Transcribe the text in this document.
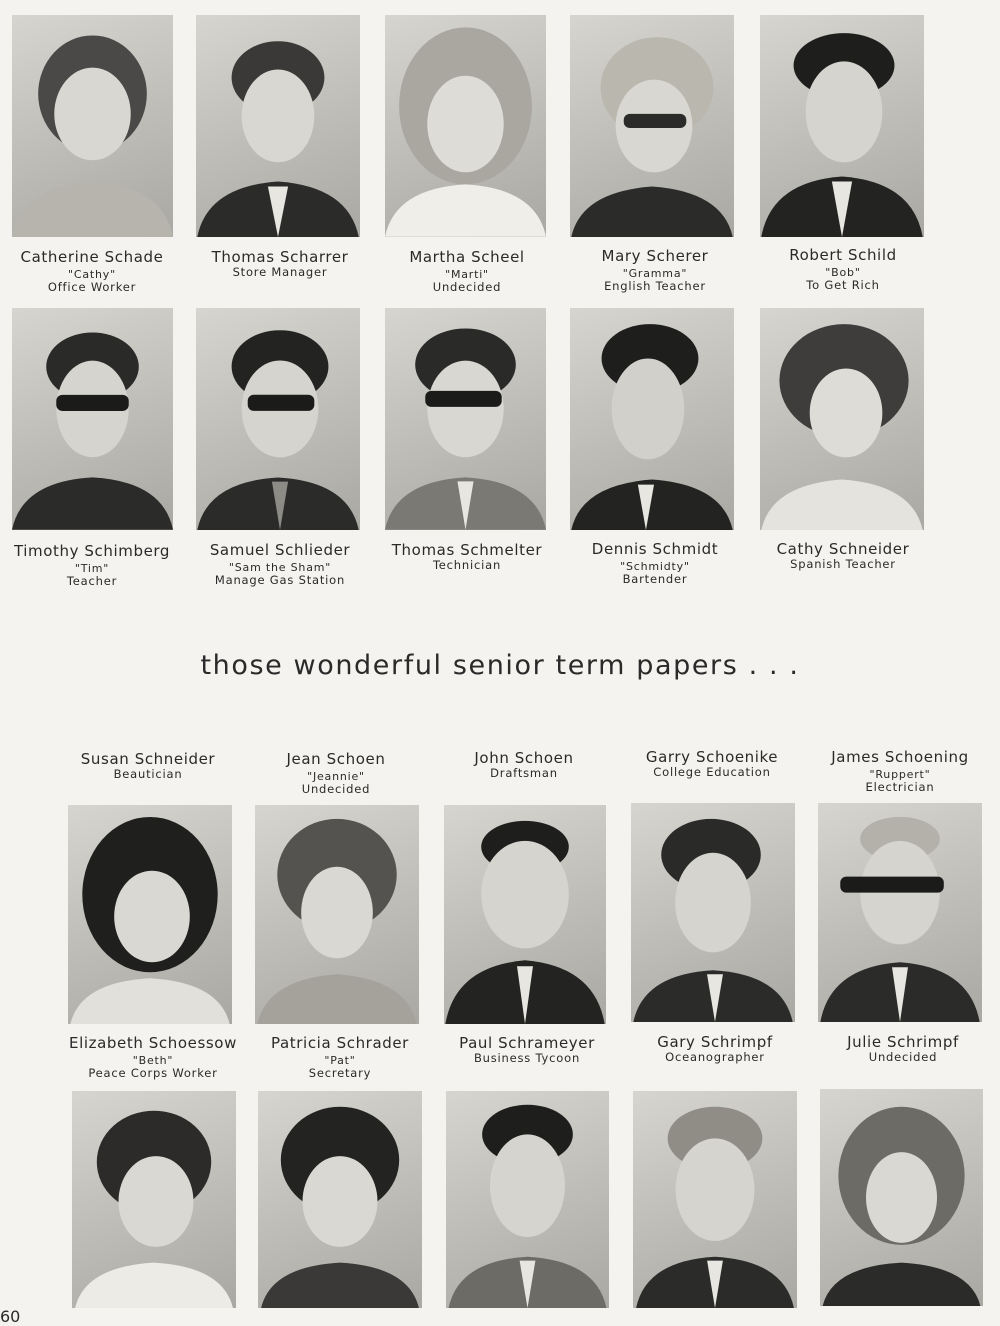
Catherine Schade
"Cathy"
Office Worker
Thomas Scharrer
Store Manager
Martha Scheel
"Marti"
Undecided
Mary Scherer
"Gramma"
English Teacher
Robert Schild
"Bob"
To Get Rich
Timothy Schimberg
"Tim"
Teacher
Samuel Schlieder
"Sam the Sham"
Manage Gas Station
Thomas Schmelter
Technician
Dennis Schmidt
"Schmidty"
Bartender
Cathy Schneider
Spanish Teacher
those wonderful senior term papers . . .
Susan Schneider
Beautician
Jean Schoen
"Jeannie"
Undecided
John Schoen
Draftsman
Garry Schoenike
College Education
James Schoening
"Ruppert"
Electrician
Elizabeth Schoessow
"Beth"
Peace Corps Worker
Patricia Schrader
"Pat"
Secretary
Paul Schrameyer
Business Tycoon
Gary Schrimpf
Oceanographer
Julie Schrimpf
Undecided
60
